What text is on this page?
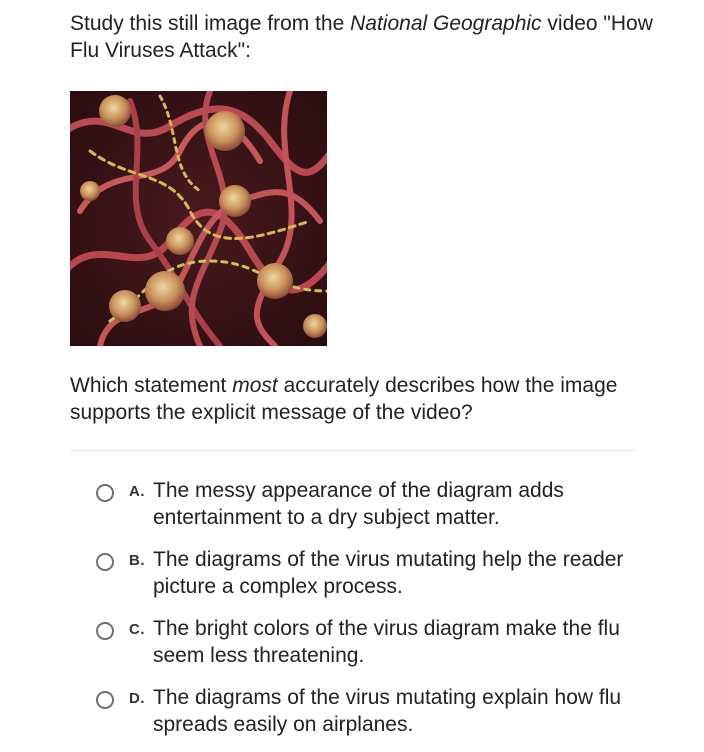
Study this still image from the National Geographic video "How Flu Viruses Attack":
Which statement most accurately describes how the image supports the explicit message of the video?
A. The messy appearance of the diagram adds entertainment to a dry subject matter.
B. The diagrams of the virus mutating help the reader picture a complex process.
C. The bright colors of the virus diagram make the flu seem less threatening.
D. The diagrams of the virus mutating explain how flu spreads easily on airplanes.
